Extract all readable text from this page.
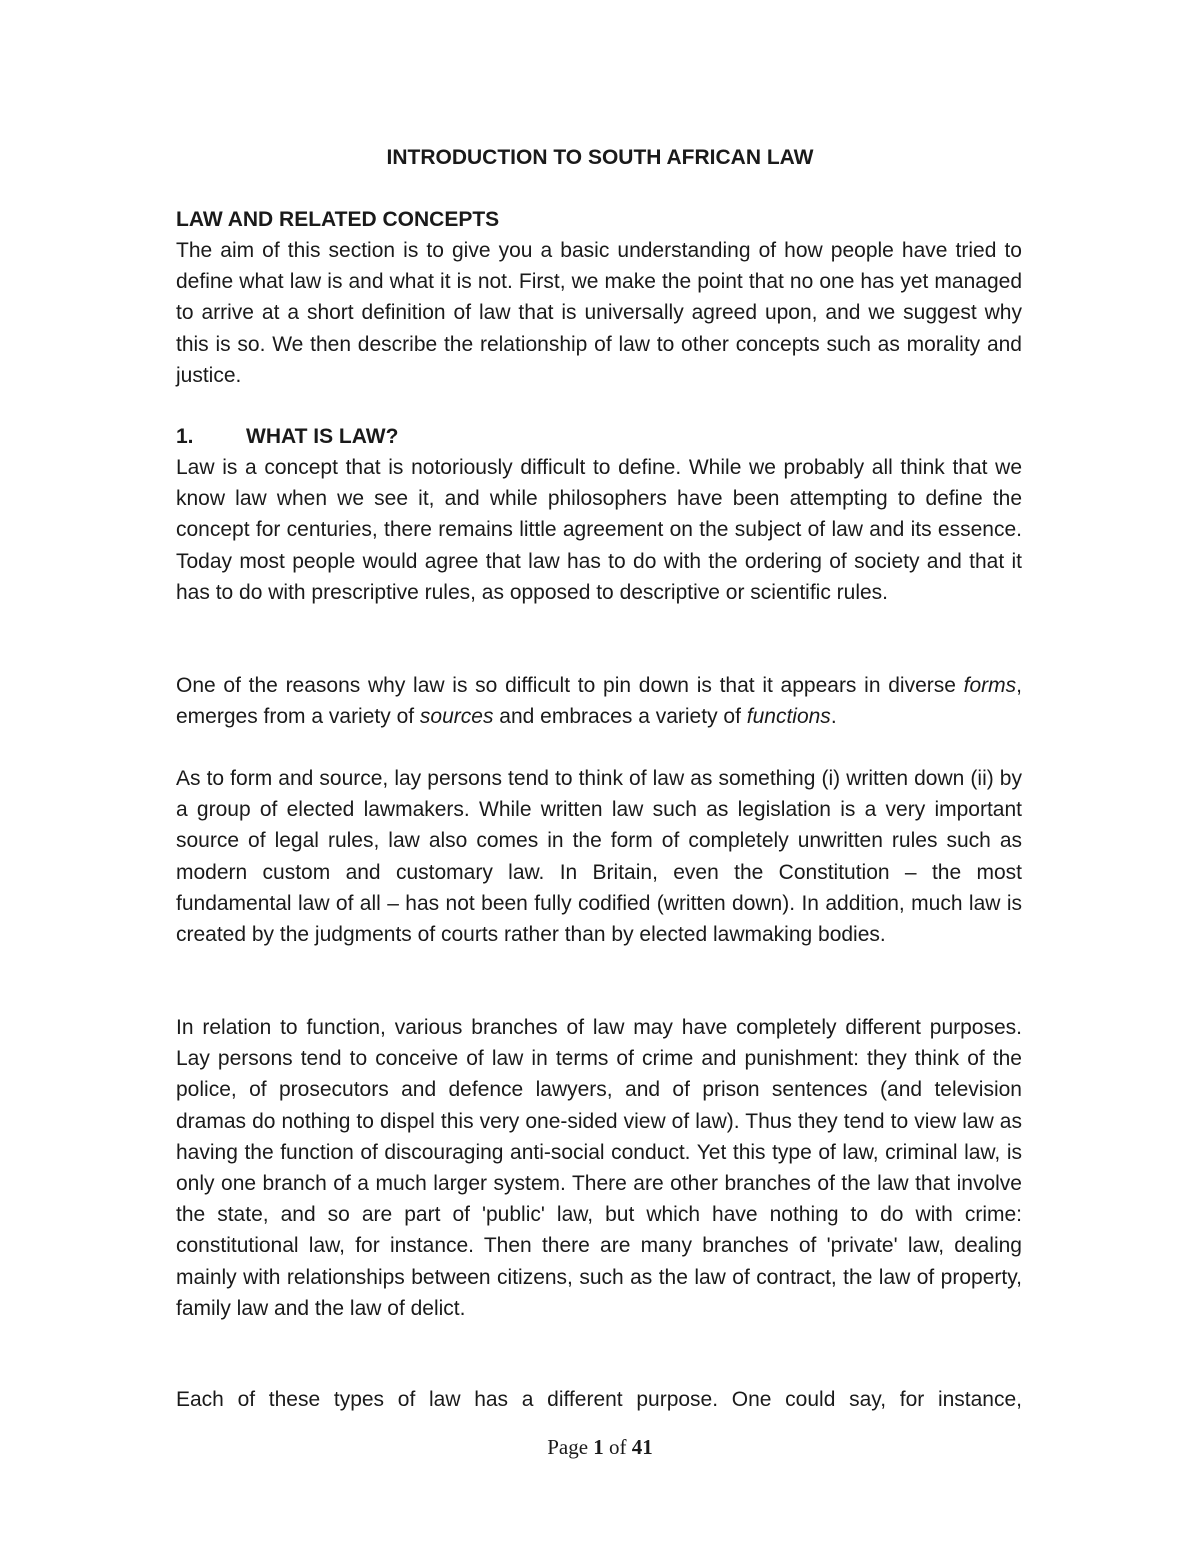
INTRODUCTION TO SOUTH AFRICAN LAW
LAW AND RELATED CONCEPTS

The aim of this section is to give you a basic understanding of how people have tried to define what law is and what it is not. First, we make the point that no one has yet managed to arrive at a short definition of law that is universally agreed upon, and we suggest why this is so. We then describe the relationship of law to other concepts such as morality and justice.

1. WHAT IS LAW?

Law is a concept that is notoriously difficult to define. While we probably all think that we know law when we see it, and while philosophers have been attempting to define the concept for centuries, there remains little agreement on the subject of law and its essence. Today most people would agree that law has to do with the ordering of society and that it has to do with prescriptive rules, as opposed to descriptive or scientific rules.

One of the reasons why law is so difficult to pin down is that it appears in diverse forms, emerges from a variety of sources and embraces a variety of functions.

As to form and source, lay persons tend to think of law as something (i) written down (ii) by a group of elected lawmakers. While written law such as legislation is a very important source of legal rules, law also comes in the form of completely unwritten rules such as modern custom and customary law. In Britain, even the Constitution – the most fundamental law of all – has not been fully codified (written down). In addition, much law is created by the judgments of courts rather than by elected lawmaking bodies.

In relation to function, various branches of law may have completely different purposes. Lay persons tend to conceive of law in terms of crime and punishment: they think of the police, of prosecutors and defence lawyers, and of prison sentences (and television dramas do nothing to dispel this very one-sided view of law). Thus they tend to view law as having the function of discouraging anti-social conduct. Yet this type of law, criminal law, is only one branch of a much larger system. There are other branches of the law that involve the state, and so are part of 'public' law, but which have nothing to do with crime: constitutional law, for instance. Then there are many branches of 'private' law, dealing mainly with relationships between citizens, such as the law of contract, the law of property, family law and the law of delict.

Each of these types of law has a different purpose. One could say, for instance,

Page 1 of 41
